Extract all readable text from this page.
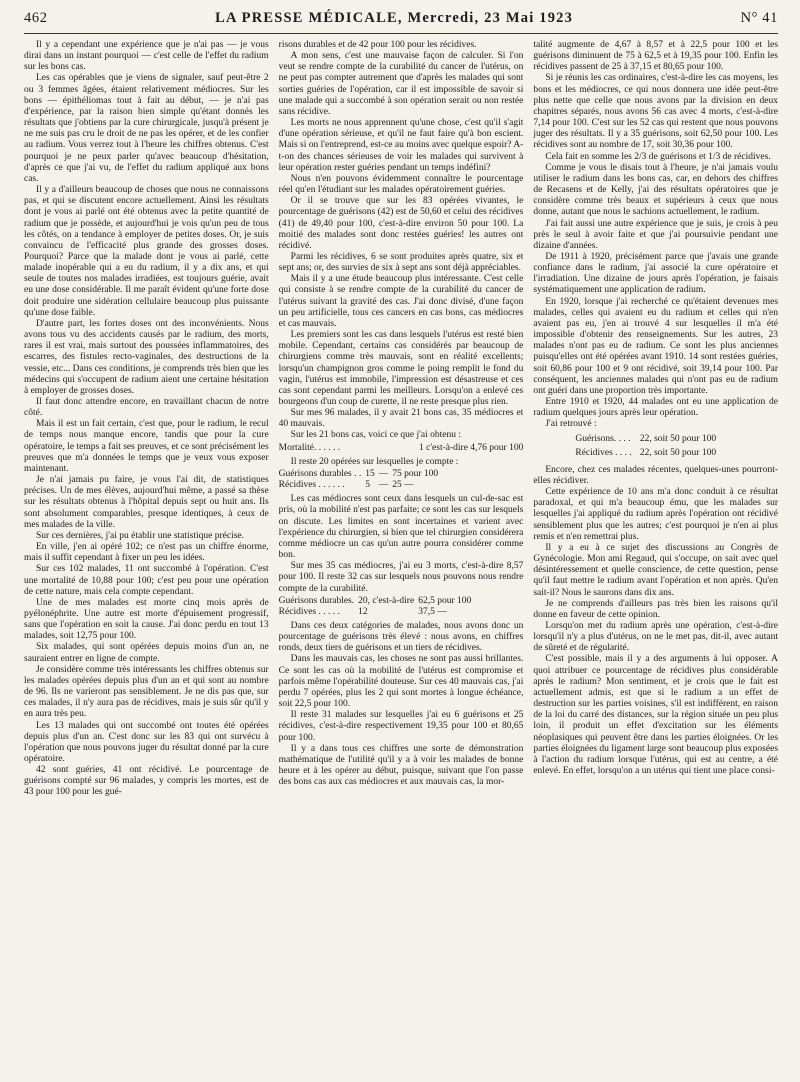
462	LA PRESSE MÉDICALE, Mercredi, 23 Mai 1923	N° 41

Il y a cependant une expérience que je n'ai pas — je vous dirai dans un instant pourquoi — c'est celle de l'effet du radium sur les bons cas.

Les cas opérables que je viens de signaler, sauf peut-être 2 ou 3 femmes âgées, étaient relativement médiocres. Sur les bons — épithéliomas tout à fait au début, — je n'ai pas d'expérience, par la raison bien simple qu'étant donnés les résultats que j'obtiens par la cure chirurgicale, jusqu'à présent je ne me suis pas cru le droit de ne pas les opérer, et de les confier au radium. Vous verrez tout à l'heure les chiffres obtenus. C'est pourquoi je ne peux parler qu'avec beaucoup d'hésitation, d'après ce que j'ai vu, de l'effet du radium appliqué aux bons cas.

Il y a d'ailleurs beaucoup de choses que nous ne connaissons pas, et qui se discutent encore actuellement. Ainsi les résultats dont je vous ai parlé ont été obtenus avec la petite quantité de radium que je possède, et aujourd'hui je vois qu'un peu de tous les côtés, on a tendance à employer de petites doses. Or, je suis convaincu de l'efficacité plus grande des grosses doses. Pourquoi? Parce que la malade dont je vous ai parlé, cette malade inopérable qui a eu du radium, il y a dix ans, et qui seule de toutes nos malades irradiées, est toujours guérie, avait eu une dose considérable. Il me paraît évident qu'une forte dose doit produire une sidération cellulaire beaucoup plus puissante qu'une dose faible.

D'autre part, les fortes doses ont des inconvénients. Nous avons tous vu des accidents causés par le radium, des morts, rares il est vrai, mais surtout des poussées inflammatoires, des escarres, des fistules recto-vaginales, des destructions de la vessie, etc... Dans ces conditions, je comprends très bien que les médecins qui s'occupent de radium aient une certaine hésitation à employer de grosses doses.

Il faut donc attendre encore, en travaillant chacun de notre côté.

Mais il est un fait certain, c'est que, pour le radium, le recul de temps nous manque encore, tandis que pour la cure opératoire, le temps a fait ses preuves, et ce sont précisément les preuves que m'a données le temps que je veux vous exposer maintenant.

Je n'ai jamais pu faire, je vous l'ai dit, de statistiques précises. Un de mes élèves, aujourd'hui même, a passé sa thèse sur les résultats obtenus à l'hôpital depuis sept ou huit ans. Ils sont absolument comparables, presque identiques, à ceux de mes malades de la ville.

Sur ces dernières, j'ai pu établir une statistique précise.

En ville, j'en ai opéré 102; ce n'est pas un chiffre énorme, mais il suffit cependant à fixer un peu les idées.

Sur ces 102 malades, 11 ont succombé à l'opération. C'est une mortalité de 10,88 pour 100; c'est peu pour une opération de cette nature, mais cela compte cependant.

Une de mes malades est morte cinq mois après de pyélonéphrite. Une autre est morte d'épuisement progressif, sans que l'opération en soit la cause. J'ai donc perdu en tout 13 malades, soit 12,75 pour 100.

Six malades, qui sont opérées depuis moins d'un an, ne sauraient entrer en ligne de compte.

Je considère comme très intéressants les chiffres obtenus sur les malades opérées depuis plus d'un an et qui sont au nombre de 96. Ils ne varieront pas sensiblement. Je ne dis pas que, sur ces malades, il n'y aura pas de récidives, mais je suis sûr qu'il y en aura très peu.

Les 13 malades qui ont succombé ont toutes été opérées depuis plus d'un an. C'est donc sur les 83 qui ont survécu à l'opération que nous pouvons juger du résultat donné par la cure opératoire.

42 sont guéries, 41 ont récidivé. Le pourcentage de guérisons compté sur 96 malades, y compris les mortes, est de 43 pour 100 pour les gué-

risons durables et de 42 pour 100 pour les récidives.

A mon sens, c'est une mauvaise façon de calculer. Si l'on veut se rendre compte de la curabilité du cancer de l'utérus, on ne peut pas compter autrement que d'après les malades qui sont sorties guéries de l'opération, car il est impossible de savoir si une malade qui a succombé à son opération serait ou non restée sans récidive.

Les morts ne nous apprennent qu'une chose, c'est qu'il s'agit d'une opération sérieuse, et qu'il ne faut faire qu'à bon escient. Mais si on l'entreprend, est-ce au moins avec quelque espoir? A-t-on des chances sérieuses de voir les malades qui survivent à leur opération rester guéries pendant un temps indéfini?

Nous n'en pouvons évidemment connaître le pourcentage réel qu'en l'étudiant sur les malades opératoirement guéries.

Or il se trouve que sur les 83 opérées vivantes, le pourcentage de guérisons (42) est de 50,60 et celui des récidives (41) de 49,40 pour 100, c'est-à-dire environ 50 pour 100. La moitié des malades sont donc restées guéries! les autres ont récidivé.

Parmi les récidives, 6 se sont produites après quatre, six et sept ans; or, des survies de six à sept ans sont déjà appréciables.

Mais il y a une étude beaucoup plus intéressante. C'est celle qui consiste à se rendre compte de la curabilité du cancer de l'utérus suivant la gravité des cas. J'ai donc divisé, d'une façon un peu artificielle, tous ces cancers en cas bons, cas médiocres et cas mauvais.

Les premiers sont les cas dans lesquels l'utérus est resté bien mobile. Cependant, certains cas considérés par beaucoup de chirurgiens comme très mauvais, sont en réalité excellents; lorsqu'un champignon gros comme le poing remplit le fond du vagin, l'utérus est immobile, l'impression est désastreuse et ces cas sont cependant parmi les meilleurs. Lorsqu'on a enlevé ces bourgeons d'un coup de curette, il ne reste presque plus rien.

Sur mes 96 malades, il y avait 21 bons cas, 35 médiocres et 40 mauvais.

Sur les 21 bons cas, voici ce que j'ai obtenu :

Mortalité. . . . . .	1 c'est-à-dire 4,76 pour 100

Il reste 20 opérées sur lesquelles je compte :

Guérisons durables . .	15	—	75 pour 100
Récidives . . . . . .	5	—	25 —

Les cas médiocres sont ceux dans lesquels un cul-de-sac est pris, où la mobilité n'est pas parfaite; ce sont les cas sur lesquels on discute. Les limites en sont incertaines et varient avec l'expérience du chirurgien, si bien que tel chirurgien considérera comme médiocre un cas qu'un autre pourra considérer comme bon.

Sur mes 35 cas médiocres, j'ai eu 3 morts, c'est-à-dire 8,57 pour 100. Il reste 32 cas sur lesquels nous pouvons nous rendre compte de la curabilité.

Guérisons durables.	20, c'est-à-dire	62,5 pour 100
Récidives . . . . .	12	37,5 —

Dans ces deux catégories de malades, nous avons donc un pourcentage de guérisons très élevé : nous avons, en chiffres ronds, deux tiers de guérisons et un tiers de récidives.

Dans les mauvais cas, les choses ne sont pas aussi brillantes. Ce sont les cas où la mobilité de l'utérus est compromise et parfois même l'opérabilité douteuse. Sur ces 40 mauvais cas, j'ai perdu 7 opérées, plus les 2 qui sont mortes à longue échéance, soit 22,5 pour 100.

Il reste 31 malades sur lesquelles j'ai eu 6 guérisons et 25 récidives, c'est-à-dire respectivement 19,35 pour 100 et 80,65 pour 100.

Il y a dans tous ces chiffres une sorte de démonstration mathématique de l'utilité qu'il y a à voir les malades de bonne heure et à les opérer au début, puisque, suivant que l'on passe des bons cas aux cas médiocres et aux mauvais cas, la mor-

talité augmente de 4,67 à 8,57 et à 22,5 pour 100 et les guérisons diminuent de 75 à 62,5 et à 19,35 pour 100. Enfin les récidives passent de 25 à 37,15 et 80,65 pour 100.

Si je réunis les cas ordinaires, c'est-à-dire les cas moyens, les bons et les médiocres, ce qui nous donnera une idée peut-être plus nette que celle que nous avons par la division en deux chapitres séparés, nous avons 56 cas avec 4 morts, c'est-à-dire 7,14 pour 100. C'est sur les 52 cas qui restent que nous pouvons juger des résultats. Il y a 35 guérisons, soit 62,50 pour 100. Les récidives sont au nombre de 17, soit 30,36 pour 100.

Cela fait en somme les 2/3 de guérisons et 1/3 de récidives.

Comme je vous le disais tout à l'heure, je n'ai jamais voulu utiliser le radium dans les bons cas, car, en dehors des chiffres de Recasens et de Kelly, j'ai des résultats opératoires que je considère comme très beaux et supérieurs à ceux que nous donne, autant que nous le sachions actuellement, le radium.

J'ai fait aussi une autre expérience que je suis, je crois à peu près le seul à avoir faite et que j'ai poursuivie pendant une dizaine d'années.

De 1911 à 1920, précisément parce que j'avais une grande confiance dans le radium, j'ai associé la cure opératoire et l'irradiation. Une dizaine de jours après l'opération, je faisais systématiquement une application de radium.

En 1920, lorsque j'ai recherché ce qu'étaient devenues mes malades, celles qui avaient eu du radium et celles qui n'en avaient pas eu, j'en ai trouvé 4 sur lesquelles il m'a été impossible d'obtenir des renseignements. Sur les autres, 23 malades n'ont pas eu de radium. Ce sont les plus anciennes puisqu'elles ont été opérées avant 1910. 14 sont restées guéries, soit 60,86 pour 100 et 9 ont récidivé, soit 39,14 pour 100. Par conséquent, les anciennes malades qui n'ont pas eu de radium ont guéri dans une proportion très importante.

Entre 1910 et 1920, 44 malades ont eu une application de radium quelques jours après leur opération.

J'ai retrouvé :

Guérisons. . . .	22, soit 50 pour 100
Récidives . . . .	22, soit 50 pour 100

Encore, chez ces malades récentes, quelques-unes pourront-elles récidiver.

Cette expérience de 10 ans m'a donc conduit à ce résultat paradoxal, et qui m'a beaucoup ému, que les malades sur lesquelles j'ai appliqué du radium après l'opération ont récidivé sensiblement plus que les autres; c'est pourquoi je n'en ai plus remis et n'en remettrai plus.

Il y a eu à ce sujet des discussions au Congrès de Gynécologie. Mon ami Regaud, qui s'occupe, on sait avec quel désintéressement et quelle conscience, de cette question, pense qu'il faut mettre le radium avant l'opération et non après. Qu'en sait-il? Nous le saurons dans dix ans.

Je ne comprends d'ailleurs pas très bien les raisons qu'il donne en faveur de cette opinion.

Lorsqu'on met du radium après une opération, c'est-à-dire lorsqu'il n'y a plus d'utérus, on ne le met pas, dit-il, avec autant de sûreté et de régularité.

C'est possible, mais il y a des arguments à lui opposer. A quoi attribuer ce pourcentage de récidives plus considérable après le radium? Mon sentiment, et je crois que le fait est actuellement admis, est que si le radium a un effet de destruction sur les parties voisines, s'il est indifférent, en raison de la loi du carré des distances, sur la région située un peu plus loin, il produit un effet d'excitation sur les éléments néoplasiques qui peuvent être dans les parties éloignées. Or les parties éloignées du ligament large sont beaucoup plus exposées à l'action du radium lorsque l'utérus, qui est au centre, a été enlevé. En effet, lorsqu'on a un utérus qui tient une place consi-
